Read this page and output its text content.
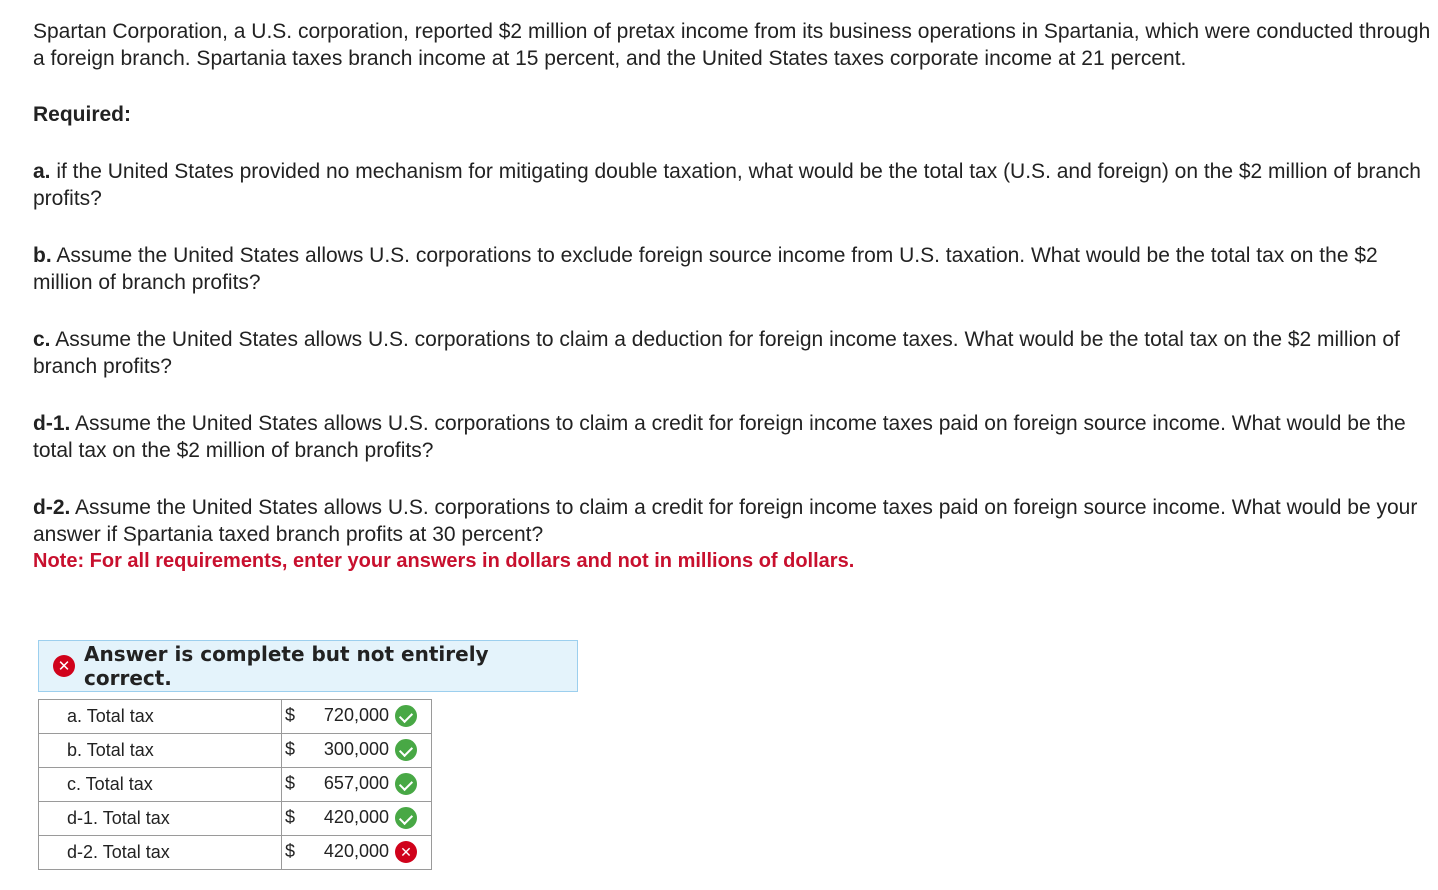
Spartan Corporation, a U.S. corporation, reported $2 million of pretax income from its business operations in Spartania, which were conducted through a foreign branch. Spartania taxes branch income at 15 percent, and the United States taxes corporate income at 21 percent.

Required:

a. if the United States provided no mechanism for mitigating double taxation, what would be the total tax (U.S. and foreign) on the $2 million of branch profits?

b. Assume the United States allows U.S. corporations to exclude foreign source income from U.S. taxation. What would be the total tax on the $2 million of branch profits?

c. Assume the United States allows U.S. corporations to claim a deduction for foreign income taxes. What would be the total tax on the $2 million of branch profits?

d-1. Assume the United States allows U.S. corporations to claim a credit for foreign income taxes paid on foreign source income. What would be the total tax on the $2 million of branch profits?

d-2. Assume the United States allows U.S. corporations to claim a credit for foreign income taxes paid on foreign source income. What would be your answer if Spartania taxed branch profits at 30 percent?

Note: For all requirements, enter your answers in dollars and not in millions of dollars.

✕ Answer is complete but not entirely correct.
a. Total tax	$ 720,000
b. Total tax	$ 300,000
c. Total tax	$ 657,000
d-1. Total tax	$ 420,000
d-2. Total tax	$ 420,000 ✕
